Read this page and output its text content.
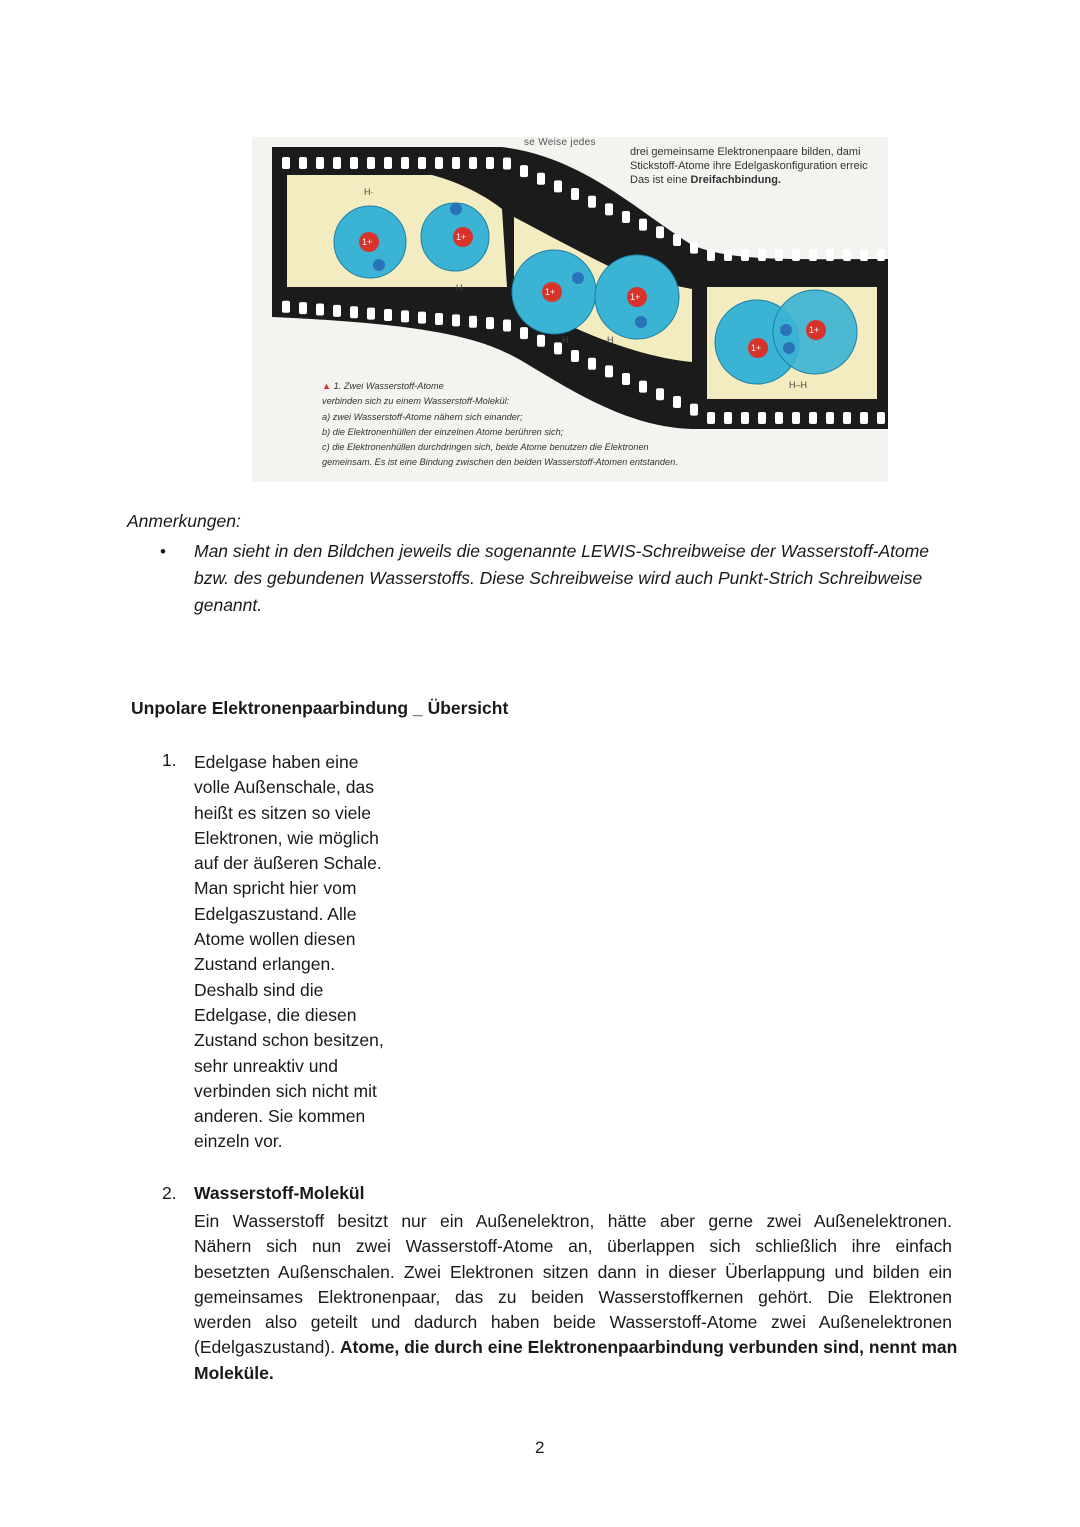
1+	1+
H·
H·	1+	1+
H·	·H
1+
1+
H–H
se Weise jedes

drei gemeinsame Elektronenpaare bilden, dami

Stickstoff-Atome ihre Edelgaskonfiguration erreic

Das ist eine Dreifachbindung.

▲ 1. Zwei Wasserstoff-Atome

verbinden sich zu einem Wasserstoff-Molekül:

a) zwei Wasserstoff-Atome nähern sich einander;

b) die Elektronenhüllen der einzelnen Atome berühren sich;

c) die Elektronenhüllen durchdringen sich, beide Atome benutzen die Elektronen

gemeinsam. Es ist eine Bindung zwischen den beiden Wasserstoff-Atomen entstanden.

Anmerkungen:
• Man sieht in den Bildchen jeweils die sogenannte LEWIS-Schreibweise der Wasserstoff-Atome

bzw. des gebundenen Wasserstoffs. Diese Schreibweise wird auch Punkt-Strich Schreibweise

genannt.

Unpolare Elektronenpaarbindung _ Übersicht
1. Edelgase haben eine

volle Außenschale, das

heißt es sitzen so viele

Elektronen, wie möglich

auf der äußeren Schale.

Man spricht hier vom

Edelgaszustand. Alle

Atome wollen diesen

Zustand erlangen.

Deshalb sind die

Edelgase, die diesen

Zustand schon besitzen,

sehr unreaktiv und

verbinden sich nicht mit

anderen. Sie kommen

einzeln vor.

2. Wasserstoff-Molekül

Ein Wasserstoff besitzt nur ein Außenelektron, hätte aber gerne zwei Außenelektronen.

Nähern sich nun zwei Wasserstoff-Atome an, überlappen sich schließlich ihre einfach

besetzten Außenschalen. Zwei Elektronen sitzen dann in dieser Überlappung und bilden ein

gemeinsames Elektronenpaar, das zu beiden Wasserstoffkernen gehört. Die Elektronen

werden also geteilt und dadurch haben beide Wasserstoff-Atome zwei Außenelektronen

(Edelgaszustand). Atome, die durch eine Elektronenpaarbindung verbunden sind, nennt man

Moleküle.

2
